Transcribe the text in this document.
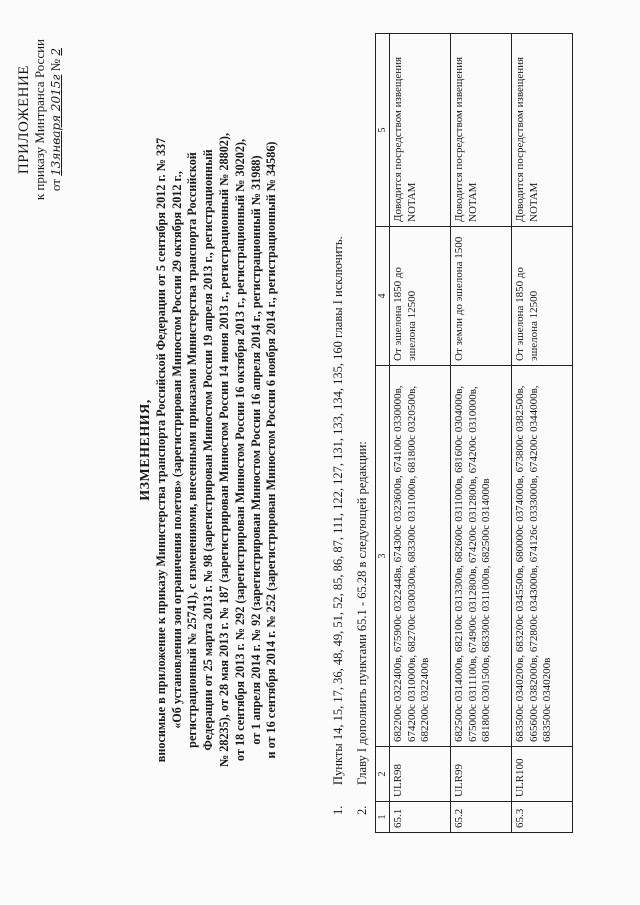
ПРИЛОЖЕНИЕ к приказу Минтранса России от 13января 2015г № 2
ИЗМЕНЕНИЯ, вносимые в приложение к приказу Министерства транспорта Российской Федерации от 5 сентября 2012 г. № 337 «Об установлении зон ограничения полетов» (зарегистрирован Минюстом России 29 октября 2012 г., регистрационный № 25741), с изменениями, внесенными приказами Министерства транспорта Российской Федерации от 25 марта 2013 г. № 98 (зарегистрирован Минюстом России 19 апреля 2013 г., регистрационный № 28235), от 28 мая 2013 г. № 187 (зарегистрирован Минюстом России 14 июня 2013 г., регистрационный № 28802), от 18 сентября 2013 г. № 292 (зарегистрирован Минюстом России 16 октября 2013 г., регистрационный № 30202), от 1 апреля 2014 г. № 92 (зарегистрирован Минюстом России 16 апреля 2014 г., регистрационный № 31988) и от 16 сентября 2014 г. № 252 (зарегистрирован Минюстом России 6 ноября 2014 г., регистрационный № 34586)
1.
Пункты 14, 15, 17, 36, 48, 49, 51, 52, 85, 86, 87, 111, 122, 127, 131, 133, 134, 135, 160 главы I исключить.
2.
Главу I дополнить пунктами 65.1 - 65.28 в следующей редакции:
1	2	3	4	5
65.1	ULR98	682200с 0322400в, 675900с 0322448в, 674300с 0323600в, 674100с 0330000в, 674200с 0310000в, 682700с 0300300в, 683300с 0311000в, 681800с 0320500в, 682200с 0322400в	От эшелона 1850 до эшелона 12500	Доводится посредством извещения NOTAM
65.2	ULR99	682500с 0314000в, 682100с 0313300в, 682600с 0311000в, 681600с 0304000в, 675000с 0311100в, 674900с 0312800в, 674200с 0312800в, 674200с 0310000в, 681800с 0301500в, 683300с 0311000в, 682500с 0314000в	От земли до эшелона 1500	Доводится посредством извещения NOTAM
65.3	ULR100	683500с 0340200в, 683200с 0345500в, 680000с 0374000в, 673800с 0382500в, 665600с 0382000в, 672800с 0343000в, 674126с 0333000в, 674200с 0344000в, 683500с 0340200в	От эшелона 1850 до эшелона 12500	Доводится посредством извещения NOTAM
